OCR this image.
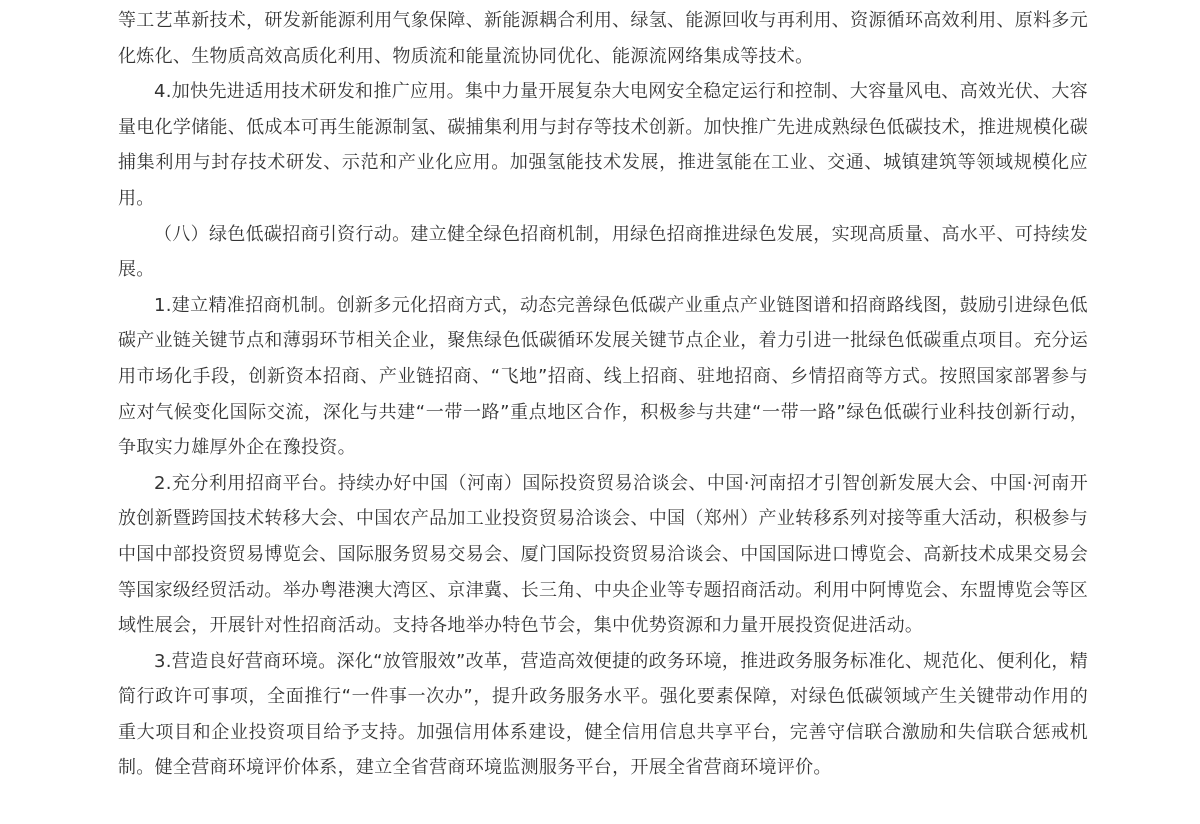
等工艺革新技术，研发新能源利用气象保障、新能源耦合利用、绿氢、能源回收与再利用、资源循环高效利用、原料多元化炼化、生物质高效高质化利用、物质流和能量流协同优化、能源流网络集成等技术。

4.加快先进适用技术研发和推广应用。集中力量开展复杂大电网安全稳定运行和控制、大容量风电、高效光伏、大容量电化学储能、低成本可再生能源制氢、碳捕集利用与封存等技术创新。加快推广先进成熟绿色低碳技术，推进规模化碳捕集利用与封存技术研发、示范和产业化应用。加强氢能技术发展，推进氢能在工业、交通、城镇建筑等领域规模化应用。

（八）绿色低碳招商引资行动。建立健全绿色招商机制，用绿色招商推进绿色发展，实现高质量、高水平、可持续发展。

1.建立精准招商机制。创新多元化招商方式，动态完善绿色低碳产业重点产业链图谱和招商路线图，鼓励引进绿色低碳产业链关键节点和薄弱环节相关企业，聚焦绿色低碳循环发展关键节点企业，着力引进一批绿色低碳重点项目。充分运用市场化手段，创新资本招商、产业链招商、“飞地”招商、线上招商、驻地招商、乡情招商等方式。按照国家部署参与应对气候变化国际交流，深化与共建“一带一路”重点地区合作，积极参与共建“一带一路”绿色低碳行业科技创新行动，争取实力雄厚外企在豫投资。

2.充分利用招商平台。持续办好中国（河南）国际投资贸易洽谈会、中国·河南招才引智创新发展大会、中国·河南开放创新暨跨国技术转移大会、中国农产品加工业投资贸易洽谈会、中国（郑州）产业转移系列对接等重大活动，积极参与中国中部投资贸易博览会、国际服务贸易交易会、厦门国际投资贸易洽谈会、中国国际进口博览会、高新技术成果交易会等国家级经贸活动。举办粤港澳大湾区、京津冀、长三角、中央企业等专题招商活动。利用中阿博览会、东盟博览会等区域性展会，开展针对性招商活动。支持各地举办特色节会，集中优势资源和力量开展投资促进活动。

3.营造良好营商环境。深化“放管服效”改革，营造高效便捷的政务环境，推进政务服务标准化、规范化、便利化，精简行政许可事项，全面推行“一件事一次办”，提升政务服务水平。强化要素保障，对绿色低碳领域产生关键带动作用的重大项目和企业投资项目给予支持。加强信用体系建设，健全信用信息共享平台，完善守信联合激励和失信联合惩戒机制。健全营商环境评价体系，建立全省营商环境监测服务平台，开展全省营商环境评价。
